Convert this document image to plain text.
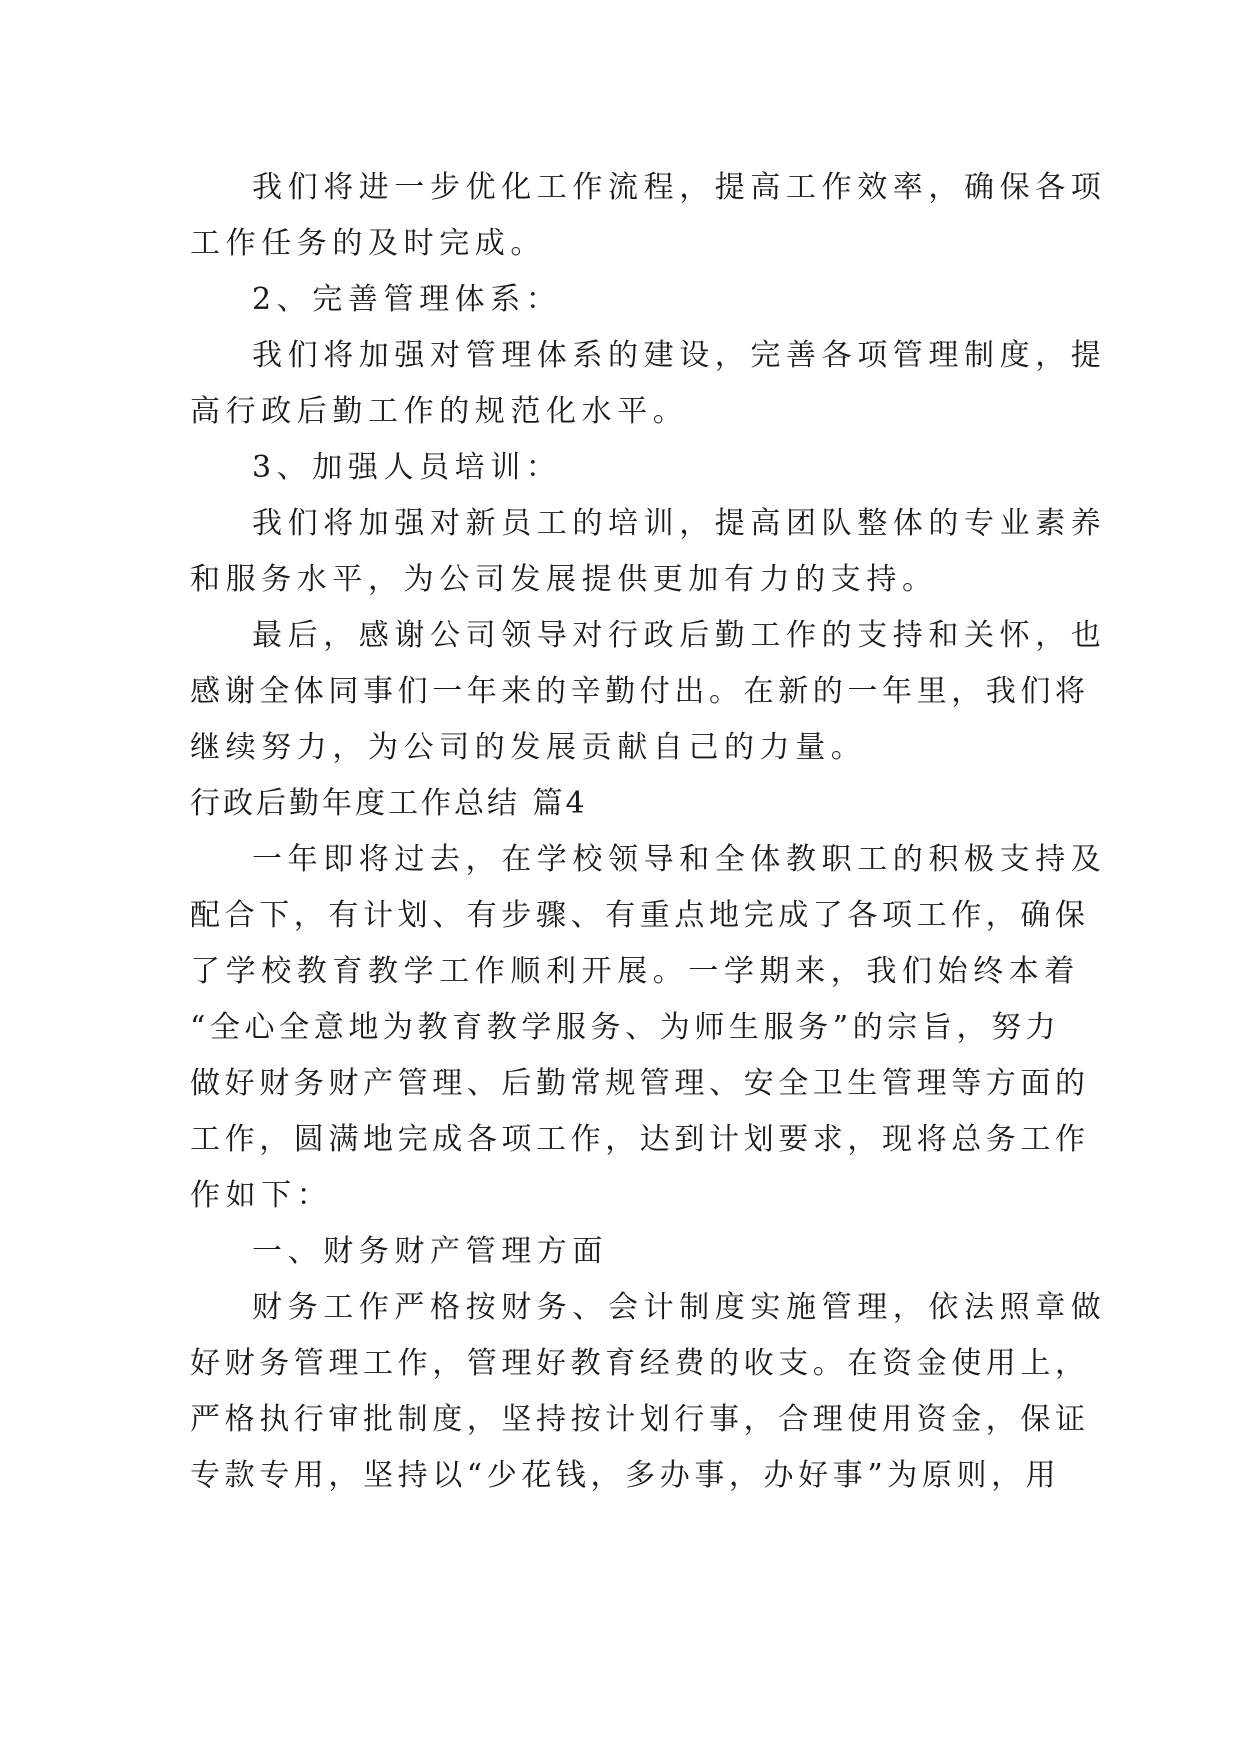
我们将进一步优化工作流程，提高工作效率，确保各项
工作任务的及时完成。
2、完善管理体系：
我们将加强对管理体系的建设，完善各项管理制度，提
高行政后勤工作的规范化水平。
3、加强人员培训：
我们将加强对新员工的培训，提高团队整体的专业素养
和服务水平，为公司发展提供更加有力的支持。
最后，感谢公司领导对行政后勤工作的支持和关怀，也
感谢全体同事们一年来的辛勤付出。在新的一年里，我们将
继续努力，为公司的发展贡献自己的力量。
行政后勤年度工作总结 篇4
一年即将过去，在学校领导和全体教职工的积极支持及
配合下，有计划、有步骤、有重点地完成了各项工作，确保
了学校教育教学工作顺利开展。一学期来，我们始终本着
“全心全意地为教育教学服务、为师生服务”的宗旨，努力
做好财务财产管理、后勤常规管理、安全卫生管理等方面的
工作，圆满地完成各项工作，达到计划要求，现将总务工作
作如下：
一、财务财产管理方面
财务工作严格按财务、会计制度实施管理，依法照章做
好财务管理工作，管理好教育经费的收支。在资金使用上，
严格执行审批制度，坚持按计划行事，合理使用资金，保证
专款专用，坚持以“少花钱，多办事，办好事”为原则，用
